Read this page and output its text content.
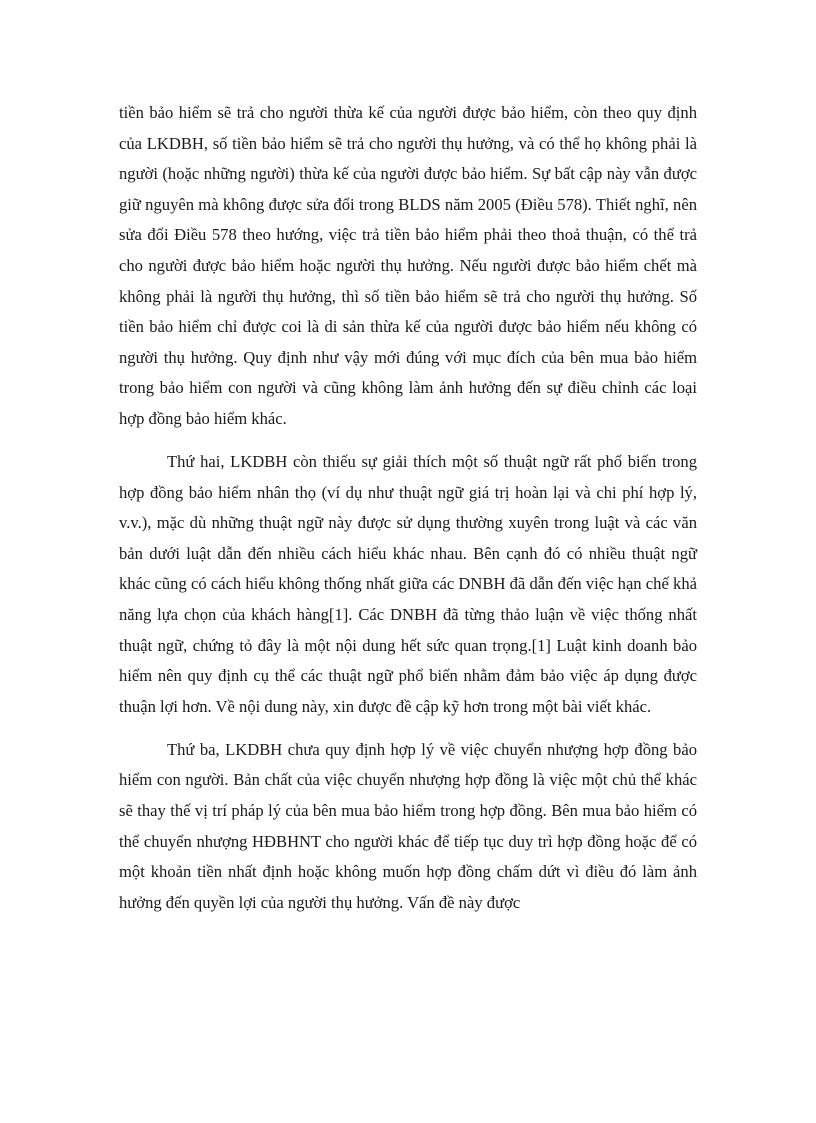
tiền bảo hiểm sẽ trả cho người thừa kế của người được bảo hiểm, còn theo quy định của LKDBH, số tiền bảo hiểm sẽ trả cho người thụ hưởng, và có thể họ không phải là người (hoặc những người) thừa kế của người được bảo hiểm. Sự bất cập này vẫn được giữ nguyên mà không được sửa đổi trong BLDS năm 2005 (Điều 578). Thiết nghĩ, nên sửa đổi Điều 578 theo hướng, việc trả tiền bảo hiểm phải theo thoả thuận, có thể trả cho người được bảo hiểm hoặc người thụ hưởng. Nếu người được bảo hiểm chết mà không phải là người thụ hưởng, thì số tiền bảo hiểm sẽ trả cho người thụ hưởng. Số tiền bảo hiểm chỉ được coi là di sản thừa kế của người được bảo hiểm nếu không có người thụ hưởng. Quy định như vậy mới đúng với mục đích của bên mua bảo hiểm trong bảo hiểm con người và cũng không làm ảnh hưởng đến sự điều chỉnh các loại hợp đồng bảo hiểm khác.

Thứ hai, LKDBH còn thiếu sự giải thích một số thuật ngữ rất phổ biến trong hợp đồng bảo hiểm nhân thọ (ví dụ như thuật ngữ giá trị hoàn lại và chi phí hợp lý, v.v.), mặc dù những thuật ngữ này được sử dụng thường xuyên trong luật và các văn bản dưới luật dẫn đến nhiều cách hiểu khác nhau. Bên cạnh đó có nhiều thuật ngữ khác cũng có cách hiểu không thống nhất giữa các DNBH đã dẫn đến việc hạn chế khả năng lựa chọn của khách hàng[1]. Các DNBH đã từng thảo luận về việc thống nhất thuật ngữ, chứng tỏ đây là một nội dung hết sức quan trọng.[1] Luật kinh doanh bảo hiểm nên quy định cụ thể các thuật ngữ phổ biến nhằm đảm bảo việc áp dụng được thuận lợi hơn. Về nội dung này, xin được đề cập kỹ hơn trong một bài viết khác.

Thứ ba, LKDBH chưa quy định hợp lý về việc chuyển nhượng hợp đồng bảo hiểm con người. Bản chất của việc chuyển nhượng hợp đồng là việc một chủ thể khác sẽ thay thế vị trí pháp lý của bên mua bảo hiểm trong hợp đồng. Bên mua bảo hiểm có thể chuyển nhượng HĐBHNT cho người khác để tiếp tục duy trì hợp đồng hoặc để có một khoản tiền nhất định hoặc không muốn hợp đồng chấm dứt vì điều đó làm ảnh hưởng đến quyền lợi của người thụ hưởng. Vấn đề này được
